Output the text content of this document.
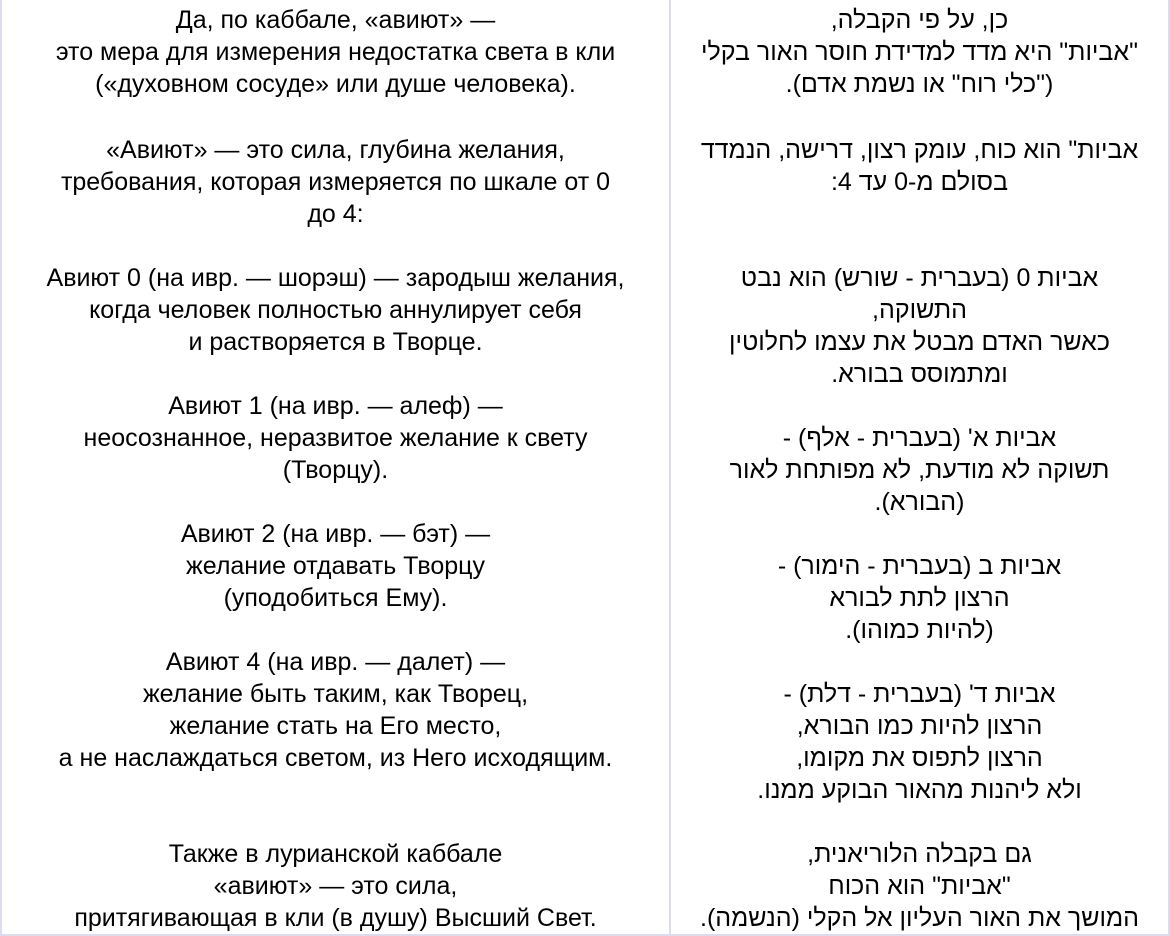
Да, по каббале, «авиют» —
это мера для измерения недостатка света в кли
(«духовном сосуде» или душе человека).
«Авиют» — это сила, глубина желания,
требования, которая измеряется по шкале от 0
до 4:
Авиют 0 (на ивр. — шорэш) — зародыш желания,
когда человек полностью аннулирует себя
и растворяется в Творце.
Авиют 1 (на ивр. — алеф) —
неосознанное, неразвитое желание к свету
(Творцу).
Авиют 2 (на ивр. — бэт) —
желание отдавать Творцу
(уподобиться Ему).
Авиют 4 (на ивр. — далет) —
желание быть таким, как Творец,
желание стать на Его место,
а не наслаждаться светом, из Него исходящим.
Также в лурианской каббале
«авиют» — это сила,
притягивающая в кли (в душу) Высший Свет.
כן, על פי הקבלה,
"אביות" היא מדד למדידת חוסר האור בקלי
("כלי רוח" או נשמת אדם).
אביות" הוא כוח, עומק רצון, דרישה, הנמדד
בסולם מ-0 עד 4:
אביות 0 (בעברית - שורש) הוא נבט
התשוקה,
כאשר האדם מבטל את עצמו לחלוטין
ומתמוסס בבורא.
אביות א' (בעברית - אלף) -
תשוקה לא מודעת, לא מפותחת לאור
(הבורא).
אביות ב (בעברית - הימור) -
הרצון לתת לבורא
(להיות כמוהו).
אביות ד' (בעברית - דלת) -
הרצון להיות כמו הבורא,
הרצון לתפוס את מקומו,
ולא ליהנות מהאור הבוקע ממנו.
גם בקבלה הלוריאנית,
"אביות" הוא הכוח
המושך את האור העליון אל הקלי (הנשמה).
